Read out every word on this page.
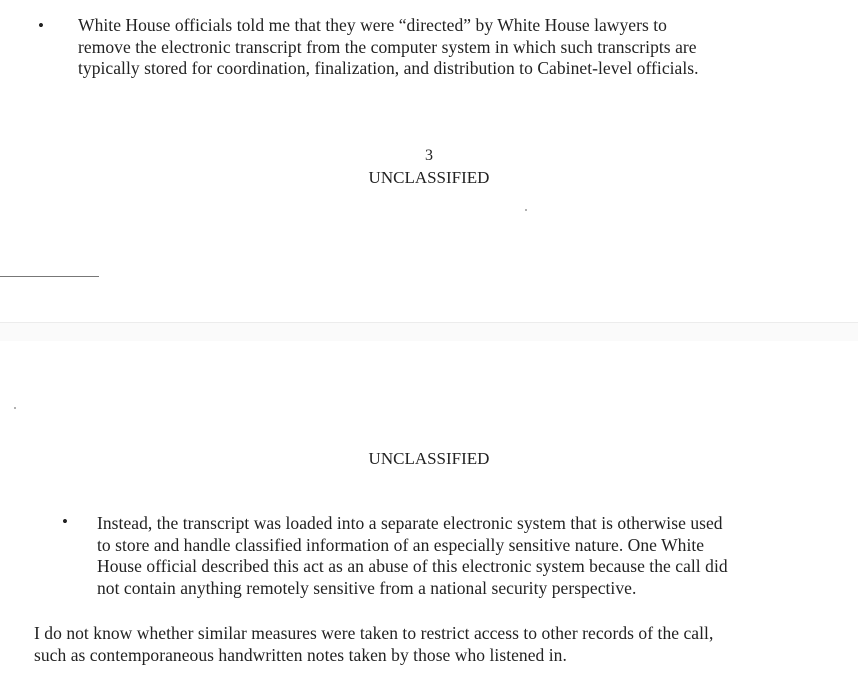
• White House officials told me that they were “directed” by White House lawyers to
remove the electronic transcript from the computer system in which such transcripts are
typically stored for coordination, finalization, and distribution to Cabinet-level officials.
3
UNCLASSIFIED
UNCLASSIFIED
• Instead, the transcript was loaded into a separate electronic system that is otherwise used
to store and handle classified information of an especially sensitive nature. One White
House official described this act as an abuse of this electronic system because the call did
not contain anything remotely sensitive from a national security perspective.
I do not know whether similar measures were taken to restrict access to other records of the call,
such as contemporaneous handwritten notes taken by those who listened in.
